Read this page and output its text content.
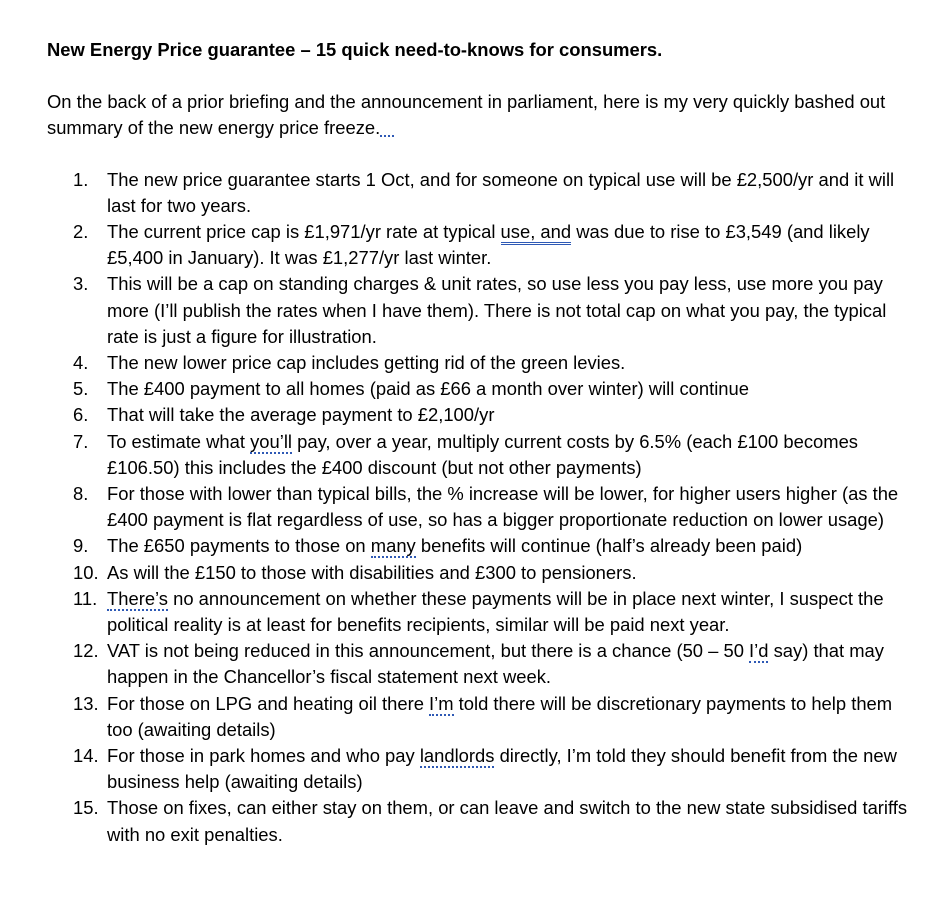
New Energy Price guarantee – 15 quick need-to-knows for consumers.

On the back of a prior briefing and the announcement in parliament, here is my very quickly bashed out summary of the new energy price freeze.

1. The new price guarantee starts 1 Oct, and for someone on typical use will be £2,500/yr and it will last for two years.
2. The current price cap is £1,971/yr rate at typical use, and was due to rise to £3,549 (and likely £5,400 in January). It was £1,277/yr last winter.
3. This will be a cap on standing charges & unit rates, so use less you pay less, use more you pay more (I’ll publish the rates when I have them). There is not total cap on what you pay, the typical rate is just a figure for illustration.
4. The new lower price cap includes getting rid of the green levies.
5. The £400 payment to all homes (paid as £66 a month over winter) will continue
6. That will take the average payment to £2,100/yr
7. To estimate what you’ll pay, over a year, multiply current costs by 6.5% (each £100 becomes £106.50) this includes the £400 discount (but not other payments)
8. For those with lower than typical bills, the % increase will be lower, for higher users higher (as the £400 payment is flat regardless of use, so has a bigger proportionate reduction on lower usage)
9. The £650 payments to those on many benefits will continue (half’s already been paid)
10. As will the £150 to those with disabilities and £300 to pensioners.
11. There’s no announcement on whether these payments will be in place next winter, I suspect the political reality is at least for benefits recipients, similar will be paid next year.
12. VAT is not being reduced in this announcement, but there is a chance (50 – 50 I’d say) that may happen in the Chancellor’s fiscal statement next week.
13. For those on LPG and heating oil there I’m told there will be discretionary payments to help them too (awaiting details)
14. For those in park homes and who pay landlords directly, I’m told they should benefit from the new business help (awaiting details)
15. Those on fixes, can either stay on them, or can leave and switch to the new state subsidised tariffs with no exit penalties.
